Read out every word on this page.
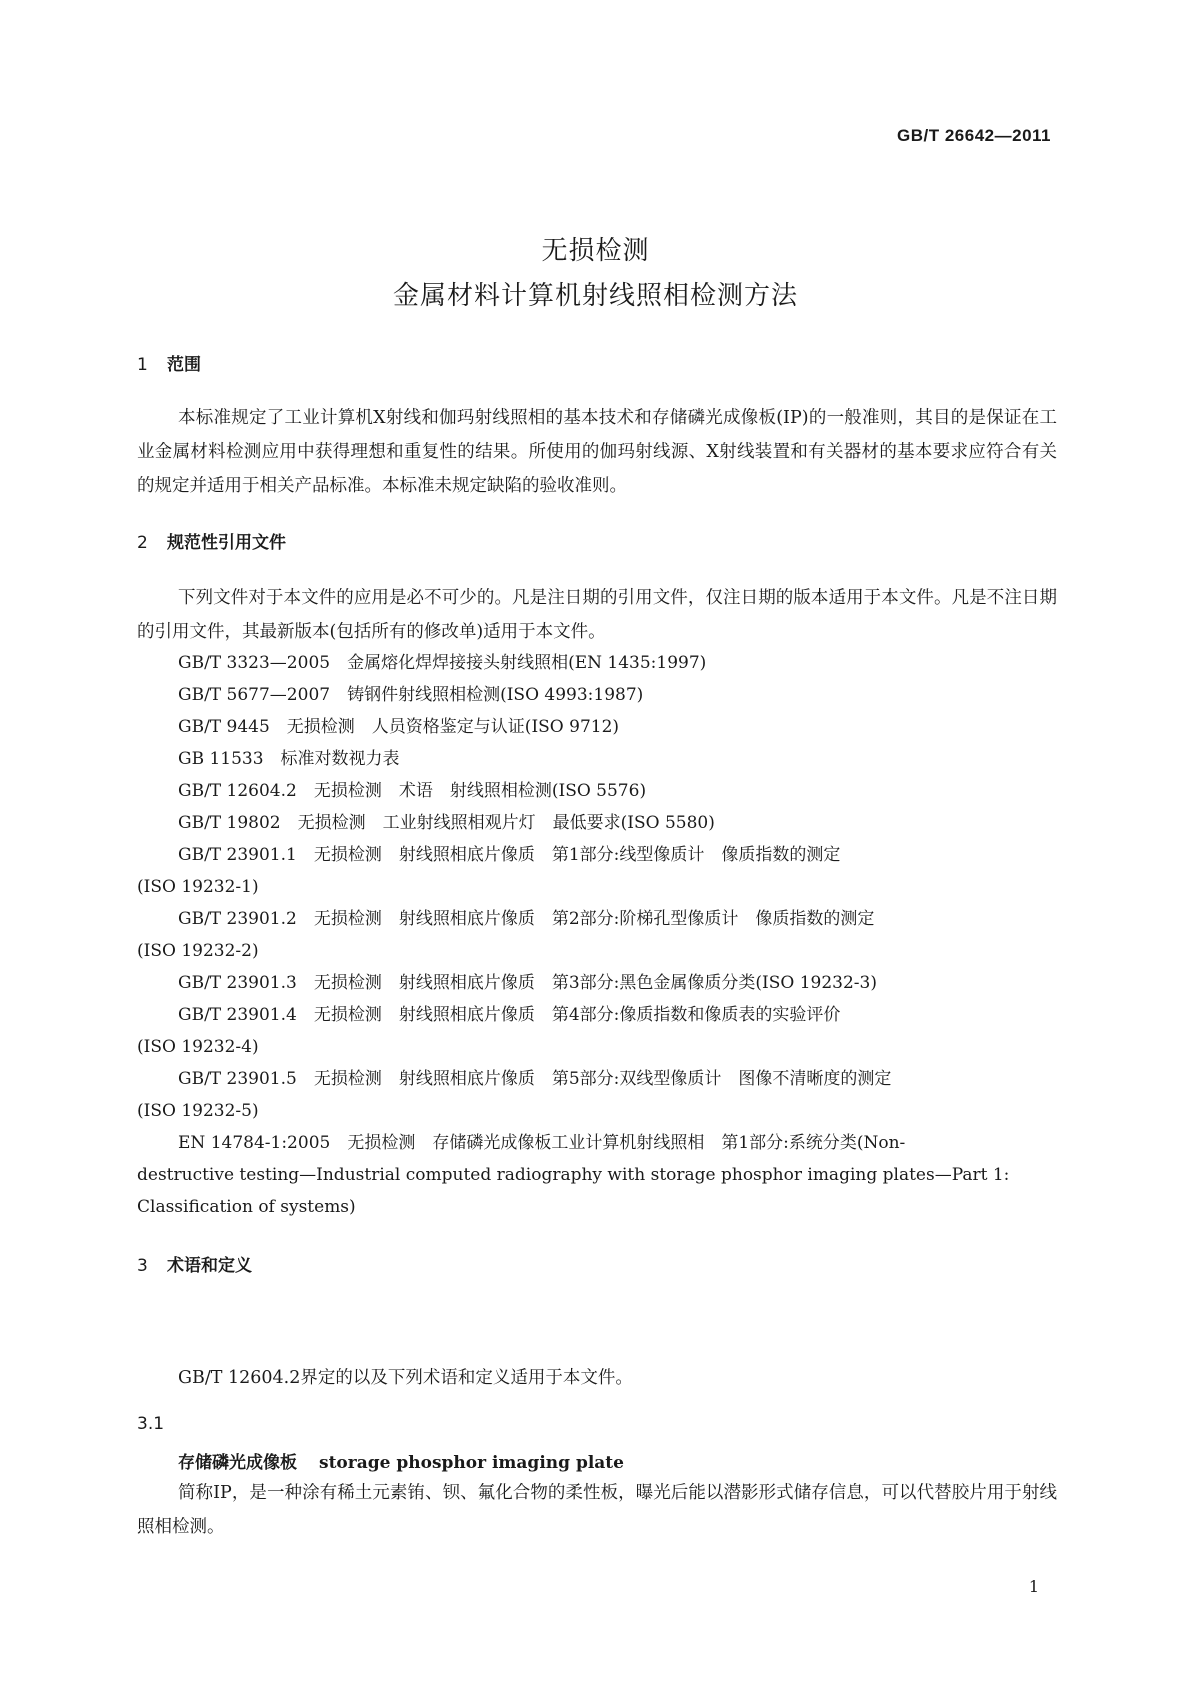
GB/T 26642—2011
无损检测
金属材料计算机射线照相检测方法
1 范围
本标准规定了工业计算机X射线和伽玛射线照相的基本技术和存储磷光成像板(IP)的一般准则，其目的是保证在工业金属材料检测应用中获得理想和重复性的结果。所使用的伽玛射线源、X射线装置和有关器材的基本要求应符合有关的规定并适用于相关产品标准。本标准未规定缺陷的验收准则。
2 规范性引用文件
下列文件对于本文件的应用是必不可少的。凡是注日期的引用文件，仅注日期的版本适用于本文件。凡是不注日期的引用文件，其最新版本(包括所有的修改单)适用于本文件。
GB/T 3323—2005　金属熔化焊焊接接头射线照相(EN 1435:1997)
GB/T 5677—2007　铸钢件射线照相检测(ISO 4993:1987)
GB/T 9445　无损检测　人员资格鉴定与认证(ISO 9712)
GB 11533　标准对数视力表
GB/T 12604.2　无损检测　术语　射线照相检测(ISO 5576)
GB/T 19802　无损检测　工业射线照相观片灯　最低要求(ISO 5580)
GB/T 23901.1　无损检测　射线照相底片像质　第1部分:线型像质计　像质指数的测定
(ISO 19232-1)
GB/T 23901.2　无损检测　射线照相底片像质　第2部分:阶梯孔型像质计　像质指数的测定
(ISO 19232-2)
GB/T 23901.3　无损检测　射线照相底片像质　第3部分:黑色金属像质分类(ISO 19232-3)
GB/T 23901.4　无损检测　射线照相底片像质　第4部分:像质指数和像质表的实验评价
(ISO 19232-4)
GB/T 23901.5　无损检测　射线照相底片像质　第5部分:双线型像质计　图像不清晰度的测定
(ISO 19232-5)
EN 14784-1:2005　无损检测　存储磷光成像板工业计算机射线照相　第1部分:系统分类(Non-
destructive testing—Industrial computed radiography with storage phosphor imaging plates—Part 1:
Classification of systems)
3 术语和定义
GB/T 12604.2界定的以及下列术语和定义适用于本文件。
3.1
存储磷光成像板 storage phosphor imaging plate
简称IP，是一种涂有稀土元素铕、钡、氟化合物的柔性板，曝光后能以潜影形式储存信息，可以代替胶片用于射线照相检测。
1
